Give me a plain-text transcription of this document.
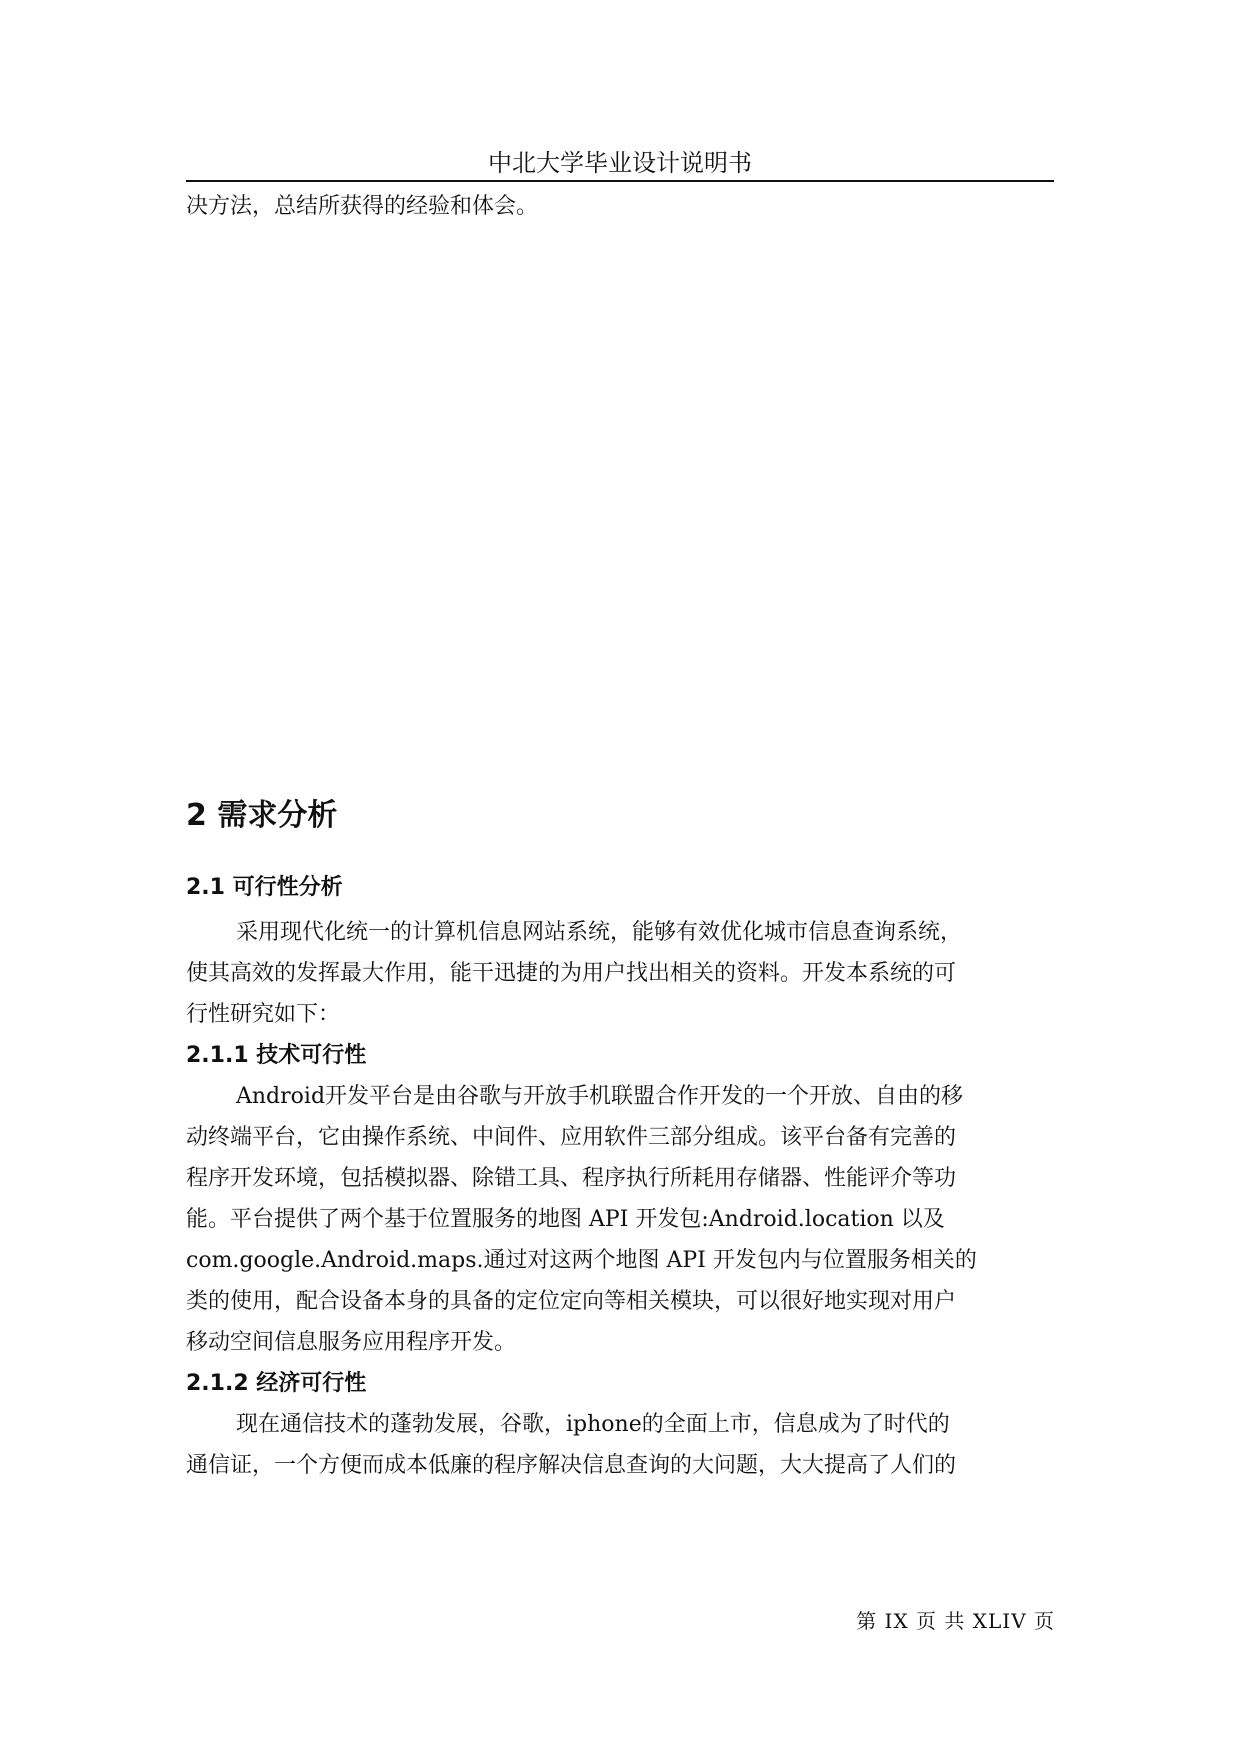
中北大学毕业设计说明书

决方法，总结所获得的经验和体会。

2 需求分析
2.1 可行性分析

采用现代化统一的计算机信息网站系统，能够有效优化城市信息查询系统，

使其高效的发挥最大作用，能干迅捷的为用户找出相关的资料。开发本系统的可

行性研究如下：

2.1.1 技术可行性

Android开发平台是由谷歌与开放手机联盟合作开发的一个开放、自由的移

动终端平台，它由操作系统、中间件、应用软件三部分组成。该平台备有完善的

程序开发环境，包括模拟器、除错工具、程序执行所耗用存储器、性能评介等功

能。平台提供了两个基于位置服务的地图 API 开发包:Android.location 以及

com.google.Android.maps.通过对这两个地图 API 开发包内与位置服务相关的

类的使用，配合设备本身的具备的定位定向等相关模块，可以很好地实现对用户

移动空间信息服务应用程序开发。

2.1.2 经济可行性

现在通信技术的蓬勃发展，谷歌，iphone的全面上市，信息成为了时代的

通信证，一个方便而成本低廉的程序解决信息查询的大问题，大大提高了人们的

第 IX 页 共 XLIV 页
